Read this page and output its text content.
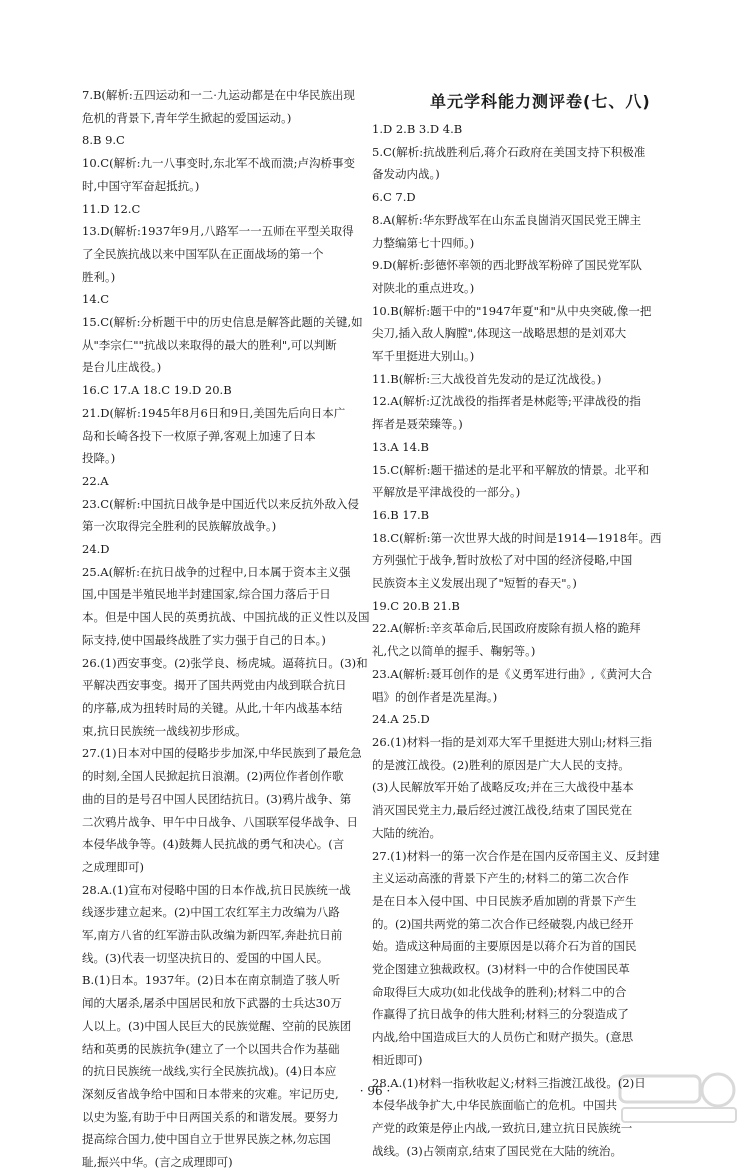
7.B(解析:五四运动和一二·九运动都是在中华民族出现
危机的背景下,青年学生掀起的爱国运动。)
8.B 9.C
10.C(解析:九一八事变时,东北军不战而溃;卢沟桥事变
时,中国守军奋起抵抗。)
11.D 12.C
13.D(解析:1937年9月,八路军一一五师在平型关取得
了全民族抗战以来中国军队在正面战场的第一个
胜利。)
14.C
15.C(解析:分析题干中的历史信息是解答此题的关键,如
从"李宗仁""抗战以来取得的最大的胜利",可以判断
是台儿庄战役。)
16.C 17.A 18.C 19.D 20.B
21.D(解析:1945年8月6日和9日,美国先后向日本广
岛和长崎各投下一枚原子弹,客观上加速了日本
投降。)
22.A
23.C(解析:中国抗日战争是中国近代以来反抗外敌入侵
第一次取得完全胜利的民族解放战争。)
24.D
25.A(解析:在抗日战争的过程中,日本属于资本主义强
国,中国是半殖民地半封建国家,综合国力落后于日
本。但是中国人民的英勇抗战、中国抗战的正义性以及国
际支持,使中国最终战胜了实力强于自己的日本。)
26.(1)西安事变。(2)张学良、杨虎城。逼蒋抗日。(3)和
平解决西安事变。揭开了国共两党由内战到联合抗日
的序幕,成为扭转时局的关键。从此,十年内战基本结
束,抗日民族统一战线初步形成。
27.(1)日本对中国的侵略步步加深,中华民族到了最危急
的时刻,全国人民掀起抗日浪潮。(2)两位作者创作歌
曲的目的是号召中国人民团结抗日。(3)鸦片战争、第
二次鸦片战争、甲午中日战争、八国联军侵华战争、日
本侵华战争等。(4)鼓舞人民抗战的勇气和决心。(言
之成理即可)
28.A.(1)宣布对侵略中国的日本作战,抗日民族统一战
线逐步建立起来。(2)中国工农红军主力改编为八路
军,南方八省的红军游击队改编为新四军,奔赴抗日前
线。(3)代表一切坚决抗日的、爱国的中国人民。
B.(1)日本。1937年。(2)日本在南京制造了骇人听
闻的大屠杀,屠杀中国居民和放下武器的士兵达30万
人以上。(3)中国人民巨大的民族觉醒、空前的民族团
结和英勇的民族抗争(建立了一个以国共合作为基础
的抗日民族统一战线,实行全民族抗战)。(4)日本应
深刻反省战争给中国和日本带来的灾难。牢记历史,
以史为鉴,有助于中日两国关系的和谐发展。要努力
提高综合国力,使中国自立于世界民族之林,勿忘国
耻,振兴中华。(言之成理即可)
单元学科能力测评卷(七、八)
1.D 2.B 3.D 4.B
5.C(解析:抗战胜利后,蒋介石政府在美国支持下积极准
备发动内战。)
6.C 7.D
8.A(解析:华东野战军在山东孟良崮消灭国民党王牌主
力整编第七十四师。)
9.D(解析:彭德怀率领的西北野战军粉碎了国民党军队
对陕北的重点进攻。)
10.B(解析:题干中的"1947年夏"和"从中央突破,像一把
尖刀,插入敌人胸膛",体现这一战略思想的是刘邓大
军千里挺进大别山。)
11.B(解析:三大战役首先发动的是辽沈战役。)
12.A(解析:辽沈战役的指挥者是林彪等;平津战役的指
挥者是聂荣臻等。)
13.A 14.B
15.C(解析:题干描述的是北平和平解放的情景。北平和
平解放是平津战役的一部分。)
16.B 17.B
18.C(解析:第一次世界大战的时间是1914—1918年。西
方列强忙于战争,暂时放松了对中国的经济侵略,中国
民族资本主义发展出现了"短暂的春天"。)
19.C 20.B 21.B
22.A(解析:辛亥革命后,民国政府废除有损人格的跪拜
礼,代之以简单的握手、鞠躬等。)
23.A(解析:聂耳创作的是《义勇军进行曲》,《黄河大合
唱》的创作者是冼星海。)
24.A 25.D
26.(1)材料一指的是刘邓大军千里挺进大别山;材料三指
的是渡江战役。(2)胜利的原因是广大人民的支持。
(3)人民解放军开始了战略反攻;并在三大战役中基本
消灭国民党主力,最后经过渡江战役,结束了国民党在
大陆的统治。
27.(1)材料一的第一次合作是在国内反帝国主义、反封建
主义运动高涨的背景下产生的;材料二的第二次合作
是在日本入侵中国、中日民族矛盾加剧的背景下产生
的。(2)国共两党的第二次合作已经破裂,内战已经开
始。造成这种局面的主要原因是以蒋介石为首的国民
党企图建立独裁政权。(3)材料一中的合作使国民革
命取得巨大成功(如北伐战争的胜利);材料二中的合
作赢得了抗日战争的伟大胜利;材料三的分裂造成了
内战,给中国造成巨大的人员伤亡和财产损失。(意思
相近即可)
28.A.(1)材料一指秋收起义;材料三指渡江战役。(2)日
本侵华战争扩大,中华民族面临亡的危机。中国共
产党的政策是停止内战,一致抗日,建立抗日民族统一
战线。(3)占领南京,结束了国民党在大陆的统治。
· 96 ·
